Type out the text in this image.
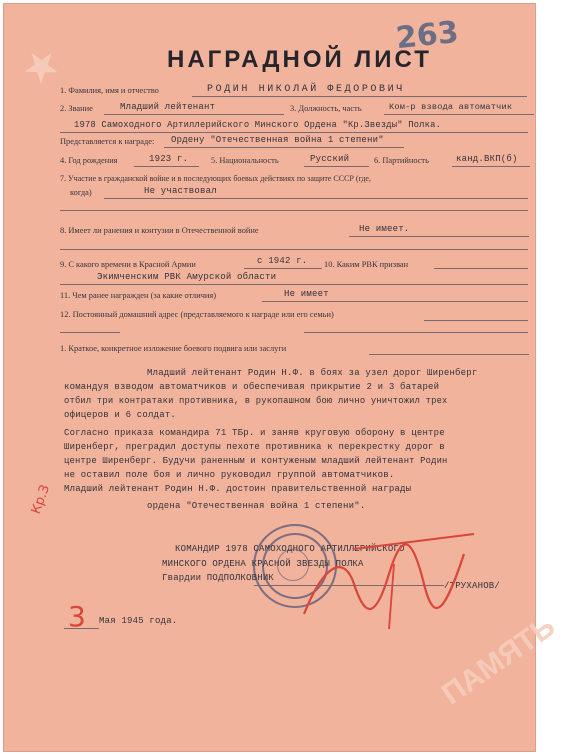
★
ПАМЯТЬ
263
НАГРАДНОЙ ЛИСТ
1. Фамилия, имя и отчество	РОДИН НИКОЛАЙ ФЕДОРОВИЧ
2. Звание	Младший лейтенант	3. Должность, часть	Ком-р взвода автоматчик
1978 Самоходного Артиллерийского Минского Ордена "Кр.Звезды" Полка.
Представляется к награде: Ордену "Отечественная война 1 степени"
4. Год рождения	1923 г.	5. Национальность	Русский	6. Партийность	канд.ВКП(б)
7. Участие в гражданской войне и в последующих боевых действиях по защите СССР (где,
когда)	Не участвовал
8. Имеет ли ранения и контузии в Отечественной войне	Не имеет.
9. С какого времени в Красной Армии	с 1942 г. 10. Каким РВК призван
Экимченским РВК Амурской области
11. Чем ранее награжден (за какие отличия)	Не имеет
12. Постоянный домашний адрес (представляемого к награде или его семьи)
1. Краткое, конкретное изложение боевого подвига или заслуги
Младший лейтенант Родин Н.Ф. в боях за узел дорог Ширенберг
командуя взводом автоматчиков и обеспечивая прикрытие 2 и 3 батарей
отбил три контратаки противника, в рукопашном бою лично уничтожил трех
офицеров и 6 солдат.
Согласно приказа командира 71 ТБр. и заняв круговую оборону в центре
Ширенберг, преградил доступы пехоте противника к перекрестку дорог в
центре Ширенберг. Будучи раненным и контуженым младший лейтенант Родин
не оставил поле боя и лично руководил группой автоматчиков.
Младший лейтенант Родин Н.Ф. достоин правительственной награды
ордена "Отечественная война 1 степени".
Кр.З
КОМАНДИР 1978 САМОХОДНОГО АРТИЛЛЕРИЙСКОГО
МИНСКОГО ОРДЕНА КРАСНОЙ ЗВЕЗДЫ ПОЛКА
Гвардии ПОДПОЛКОВНИК
/ТРУХАНОВ/
3 Мая 1945 года.
